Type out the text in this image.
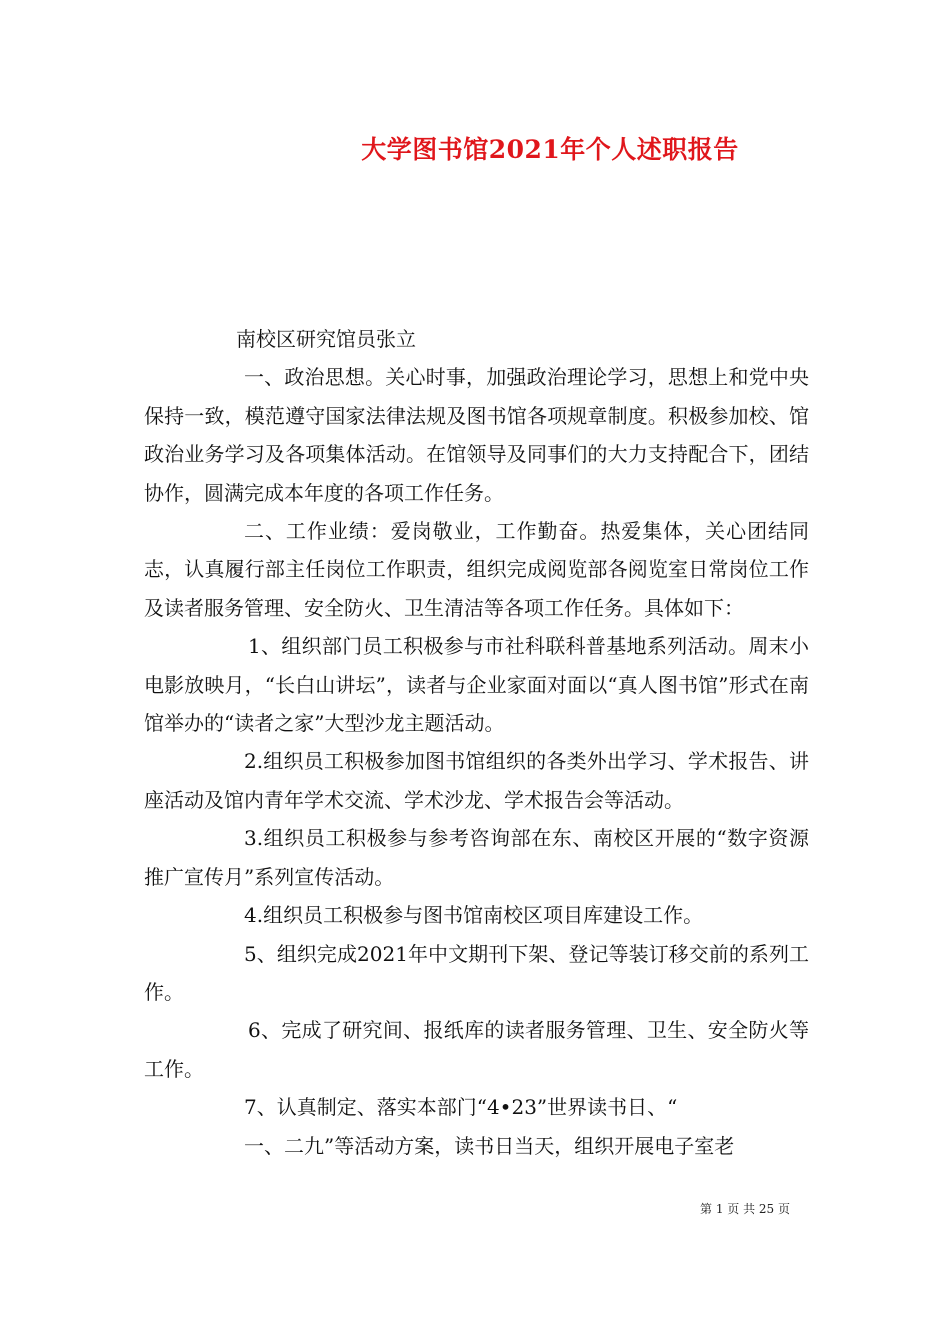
大学图书馆2021年个人述职报告

南校区研究馆员张立

一、政治思想。关心时事，加强政治理论学习，思想上和党中央保持一致，模范遵守国家法律法规及图书馆各项规章制度。积极参加校、馆政治业务学习及各项集体活动。在馆领导及同事们的大力支持配合下，团结协作，圆满完成本年度的各项工作任务。

二、工作业绩：爱岗敬业，工作勤奋。热爱集体，关心团结同志，认真履行部主任岗位工作职责，组织完成阅览部各阅览室日常岗位工作及读者服务管理、安全防火、卫生清洁等各项工作任务。具体如下：

1、组织部门员工积极参与市社科联科普基地系列活动。周末小电影放映月，“长白山讲坛”，读者与企业家面对面以“真人图书馆”形式在南馆举办的“读者之家”大型沙龙主题活动。

2.组织员工积极参加图书馆组织的各类外出学习、学术报告、讲座活动及馆内青年学术交流、学术沙龙、学术报告会等活动。

3.组织员工积极参与参考咨询部在东、南校区开展的“数字资源推广宣传月”系列宣传活动。

4.组织员工积极参与图书馆南校区项目库建设工作。

5、组织完成2021年中文期刊下架、登记等装订移交前的系列工作。

6、完成了研究间、报纸库的读者服务管理、卫生、安全防火等工作。

7、认真制定、落实本部门“4•23”世界读书日、“

一、二九”等活动方案，读书日当天，组织开展电子室老

第 1 页 共 25 页
